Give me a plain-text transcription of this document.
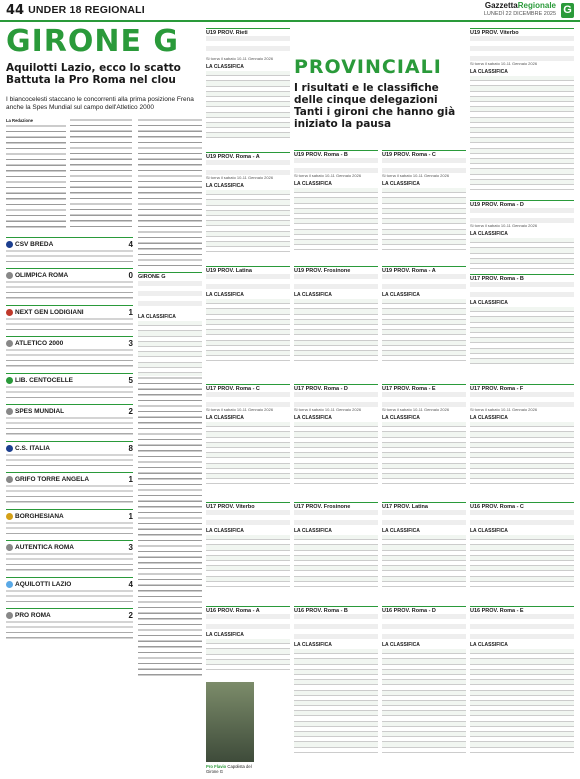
44 UNDER 18 REGIONALI	GazzettaRegionale
LUNEDÌ 22 DICEMBRE 2025 G
GIRONE G
Aquilotti Lazio, ecco lo scatto Battuta la Pro Roma nel clou
I biancocelesti staccano le concorrenti alla prima posizione Frena anche la Spes Mundial sul campo dell'Atletico 2000
La Redazione
CSV BREDA	4
OLIMPICA ROMA	0
NEXT GEN LODIGIANI	1
ATLETICO 2000	3
LIB. CENTOCELLE	5
SPES MUNDIAL	2
C.S. ITALIA	8
GRIFO TORRE ANGELA	1
BORGHESIANA	1
AUTENTICA ROMA	3
AQUILOTTI LAZIO	4
PRO ROMA	2
GIRONE G
LA CLASSIFICA
PROVINCIALI
I risultati e le classifiche delle cinque delegazioni Tanti i gironi che hanno già iniziato la pausa
U19 PROV. Rieti
Si torna il sabato 10-11 Gennaio 2026
LA CLASSIFICA
U19 PROV. Viterbo
Si torna il sabato 10-11 Gennaio 2026
LA CLASSIFICA
U19 PROV. Roma - A
Si torna il sabato 10-11 Gennaio 2026
LA CLASSIFICA
U19 PROV. Roma - B
Si torna il sabato 10-11 Gennaio 2026
LA CLASSIFICA
U19 PROV. Roma - C
Si torna il sabato 10-11 Gennaio 2026
LA CLASSIFICA
U19 PROV. Roma - D
Si torna il sabato 10-11 Gennaio 2026
LA CLASSIFICA
U19 PROV. Latina
LA CLASSIFICA
U19 PROV. Frosinone
LA CLASSIFICA
U19 PROV. Roma - A
LA CLASSIFICA
U17 PROV. Roma - B
LA CLASSIFICA
U17 PROV. Roma - C
Si torna il sabato 10-11 Gennaio 2026
LA CLASSIFICA
U17 PROV. Roma - D
Si torna il sabato 10-11 Gennaio 2026
LA CLASSIFICA
U17 PROV. Roma - E
Si torna il sabato 10-11 Gennaio 2026
LA CLASSIFICA
U17 PROV. Roma - F
Si torna il sabato 10-11 Gennaio 2026
LA CLASSIFICA
U17 PROV. Viterbo
LA CLASSIFICA
U17 PROV. Frosinone
LA CLASSIFICA
U17 PROV. Latina
LA CLASSIFICA
U16 PROV. Roma - A
LA CLASSIFICA
U16 PROV. Roma - B
LA CLASSIFICA
U16 PROV. Roma - D
LA CLASSIFICA
U16 PROV. Roma - E
LA CLASSIFICA
U16 PROV. Roma - C
LA CLASSIFICA
Pro Flavio Capolista del Girone G
